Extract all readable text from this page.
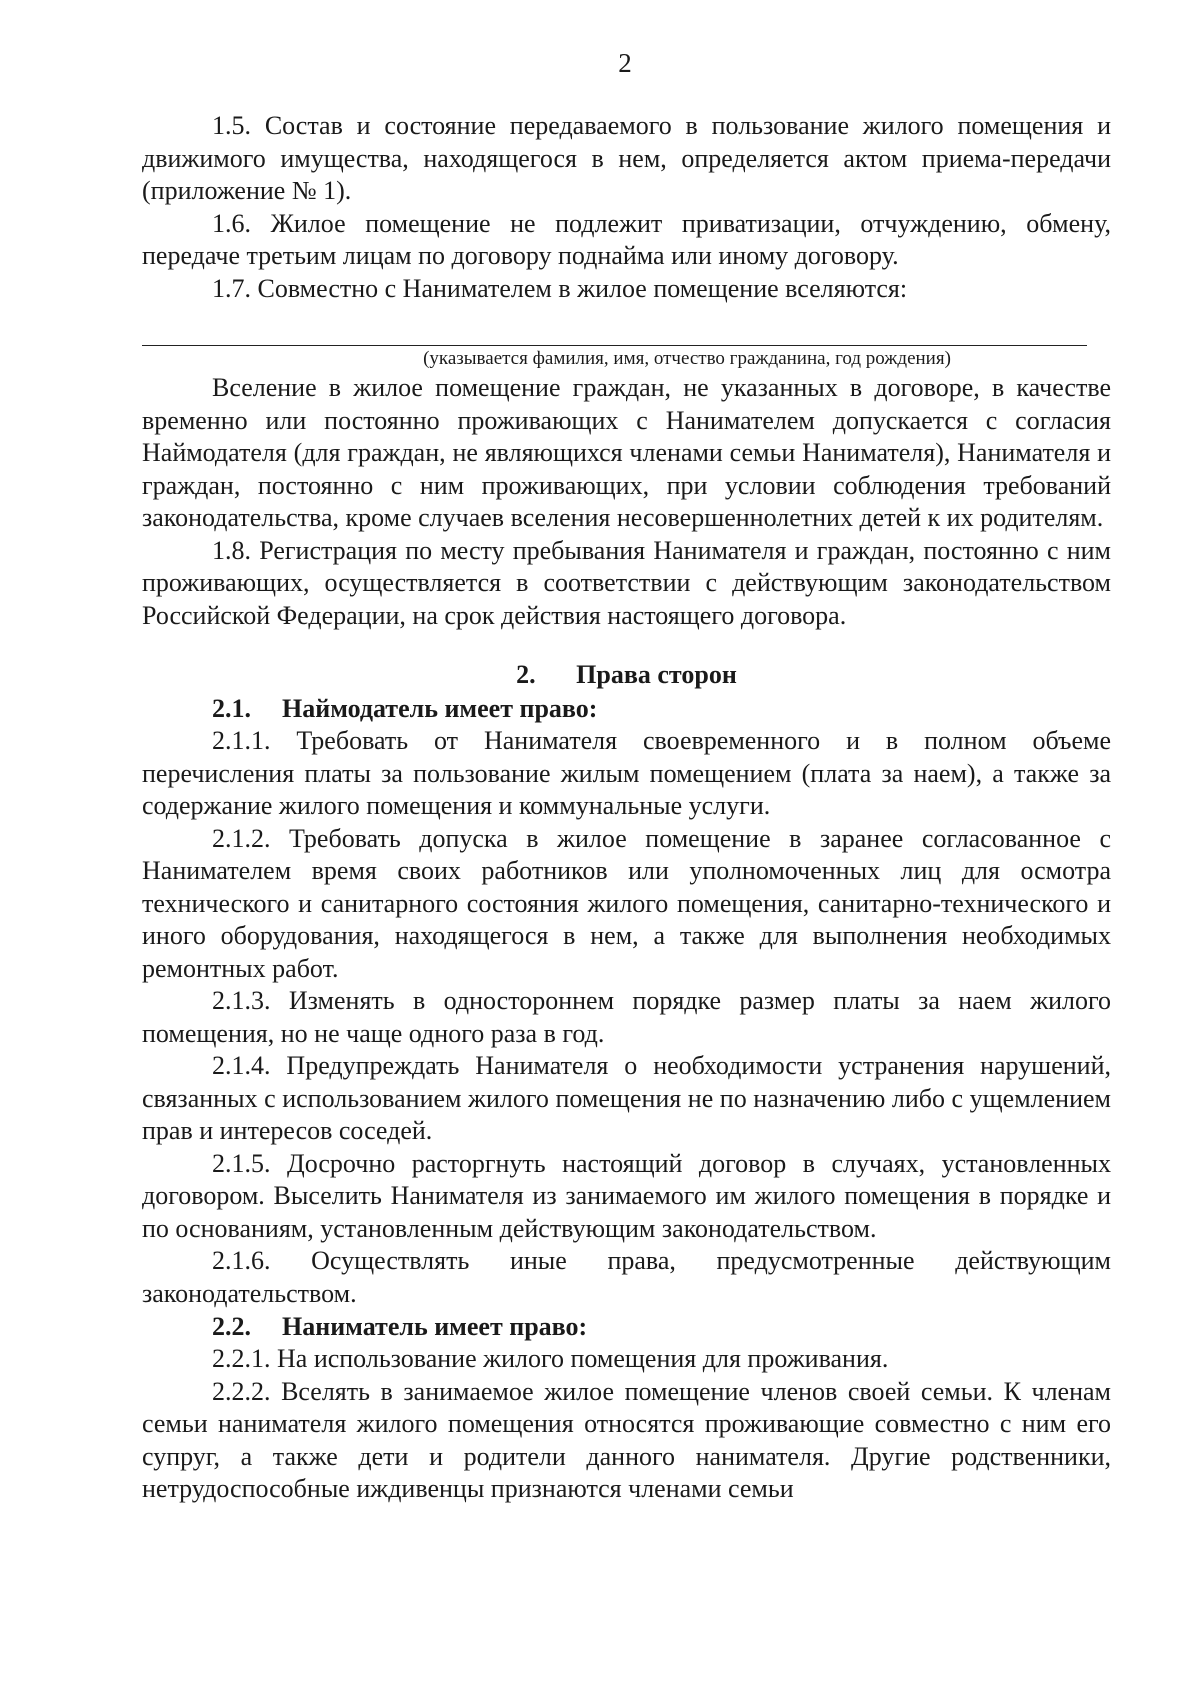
2

1.5. Состав и состояние передаваемого в пользование жилого помещения и движимого имущества, находящегося в нем, определяется актом приема-передачи (приложение № 1).

1.6. Жилое помещение не подлежит приватизации, отчуждению, обмену, передаче третьим лицам по договору поднайма или иному договору.

1.7. Совместно с Нанимателем в жилое помещение вселяются:

(указывается фамилия, имя, отчество гражданина, год рождения)

Вселение в жилое помещение граждан, не указанных в договоре, в качестве временно или постоянно проживающих с Нанимателем допускается с согласия Наймодателя (для граждан, не являющихся членами семьи Нанимателя), Нанимателя и граждан, постоянно с ним проживающих, при условии соблюдения требований законодательства, кроме случаев вселения несовершеннолетних детей к их родителям.

1.8. Регистрация по месту пребывания Нанимателя и граждан, постоянно с ним проживающих, осуществляется в соответствии с действующим законодательством Российской Федерации, на срок действия настоящего договора.

2. Права сторон
2.1. Наймодатель имеет право:

2.1.1. Требовать от Нанимателя своевременного и в полном объеме перечисления платы за пользование жилым помещением (плата за наем), а также за содержание жилого помещения и коммунальные услуги.

2.1.2. Требовать допуска в жилое помещение в заранее согласованное с Нанимателем время своих работников или уполномоченных лиц для осмотра технического и санитарного состояния жилого помещения, санитарно-технического и иного оборудования, находящегося в нем, а также для выполнения необходимых ремонтных работ.

2.1.3. Изменять в одностороннем порядке размер платы за наем жилого помещения, но не чаще одного раза в год.

2.1.4. Предупреждать Нанимателя о необходимости устранения нарушений, связанных с использованием жилого помещения не по назначению либо с ущемлением прав и интересов соседей.

2.1.5. Досрочно расторгнуть настоящий договор в случаях, установленных договором. Выселить Нанимателя из занимаемого им жилого помещения в порядке и по основаниям, установленным действующим законодательством.

2.1.6. Осуществлять иные права, предусмотренные действующим законодательством.

2.2. Наниматель имеет право:

2.2.1. На использование жилого помещения для проживания.

2.2.2. Вселять в занимаемое жилое помещение членов своей семьи. К членам семьи нанимателя жилого помещения относятся проживающие совместно с ним его супруг, а также дети и родители данного нанимателя. Другие родственники, нетрудоспособные иждивенцы признаются членами семьи
